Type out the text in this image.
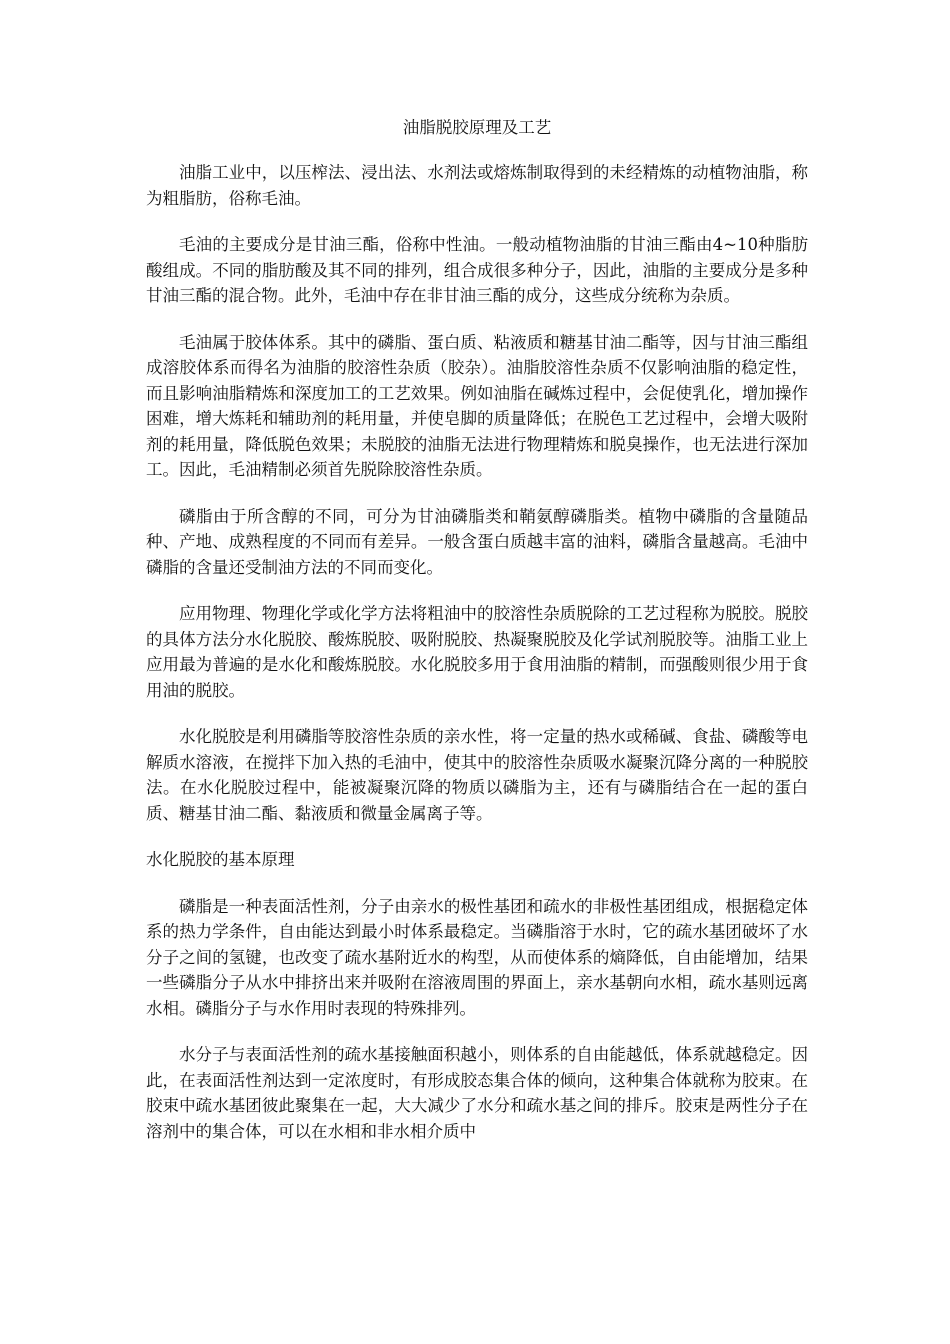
油脂脱胶原理及工艺

油脂工业中，以压榨法、浸出法、水剂法或熔炼制取得到的未经精炼的动植物油脂，称为粗脂肪，俗称毛油。

毛油的主要成分是甘油三酯，俗称中性油。一般动植物油脂的甘油三酯由4~10种脂肪酸组成。不同的脂肪酸及其不同的排列，组合成很多种分子，因此，油脂的主要成分是多种甘油三酯的混合物。此外，毛油中存在非甘油三酯的成分，这些成分统称为杂质。

毛油属于胶体体系。其中的磷脂、蛋白质、粘液质和糖基甘油二酯等，因与甘油三酯组成溶胶体系而得名为油脂的胶溶性杂质（胶杂）。油脂胶溶性杂质不仅影响油脂的稳定性，而且影响油脂精炼和深度加工的工艺效果。例如油脂在碱炼过程中，会促使乳化，增加操作困难，增大炼耗和辅助剂的耗用量，并使皂脚的质量降低；在脱色工艺过程中，会增大吸附剂的耗用量，降低脱色效果；未脱胶的油脂无法进行物理精炼和脱臭操作，也无法进行深加工。因此，毛油精制必须首先脱除胶溶性杂质。

磷脂由于所含醇的不同，可分为甘油磷脂类和鞘氨醇磷脂类。植物中磷脂的含量随品种、产地、成熟程度的不同而有差异。一般含蛋白质越丰富的油料，磷脂含量越高。毛油中磷脂的含量还受制油方法的不同而变化。

应用物理、物理化学或化学方法将粗油中的胶溶性杂质脱除的工艺过程称为脱胶。脱胶的具体方法分水化脱胶、酸炼脱胶、吸附脱胶、热凝聚脱胶及化学试剂脱胶等。油脂工业上应用最为普遍的是水化和酸炼脱胶。水化脱胶多用于食用油脂的精制，而强酸则很少用于食用油的脱胶。

水化脱胶是利用磷脂等胶溶性杂质的亲水性，将一定量的热水或稀碱、食盐、磷酸等电解质水溶液，在搅拌下加入热的毛油中，使其中的胶溶性杂质吸水凝聚沉降分离的一种脱胶法。在水化脱胶过程中，能被凝聚沉降的物质以磷脂为主，还有与磷脂结合在一起的蛋白质、糖基甘油二酯、黏液质和微量金属离子等。

水化脱胶的基本原理

磷脂是一种表面活性剂，分子由亲水的极性基团和疏水的非极性基团组成，根据稳定体系的热力学条件，自由能达到最小时体系最稳定。当磷脂溶于水时，它的疏水基团破坏了水分子之间的氢键，也改变了疏水基附近水的构型，从而使体系的熵降低，自由能增加，结果一些磷脂分子从水中排挤出来并吸附在溶液周围的界面上，亲水基朝向水相，疏水基则远离水相。磷脂分子与水作用时表现的特殊排列。

水分子与表面活性剂的疏水基接触面积越小，则体系的自由能越低，体系就越稳定。因此，在表面活性剂达到一定浓度时，有形成胶态集合体的倾向，这种集合体就称为胶束。在胶束中疏水基团彼此聚集在一起，大大减少了水分和疏水基之间的排斥。胶束是两性分子在溶剂中的集合体，可以在水相和非水相介质中
